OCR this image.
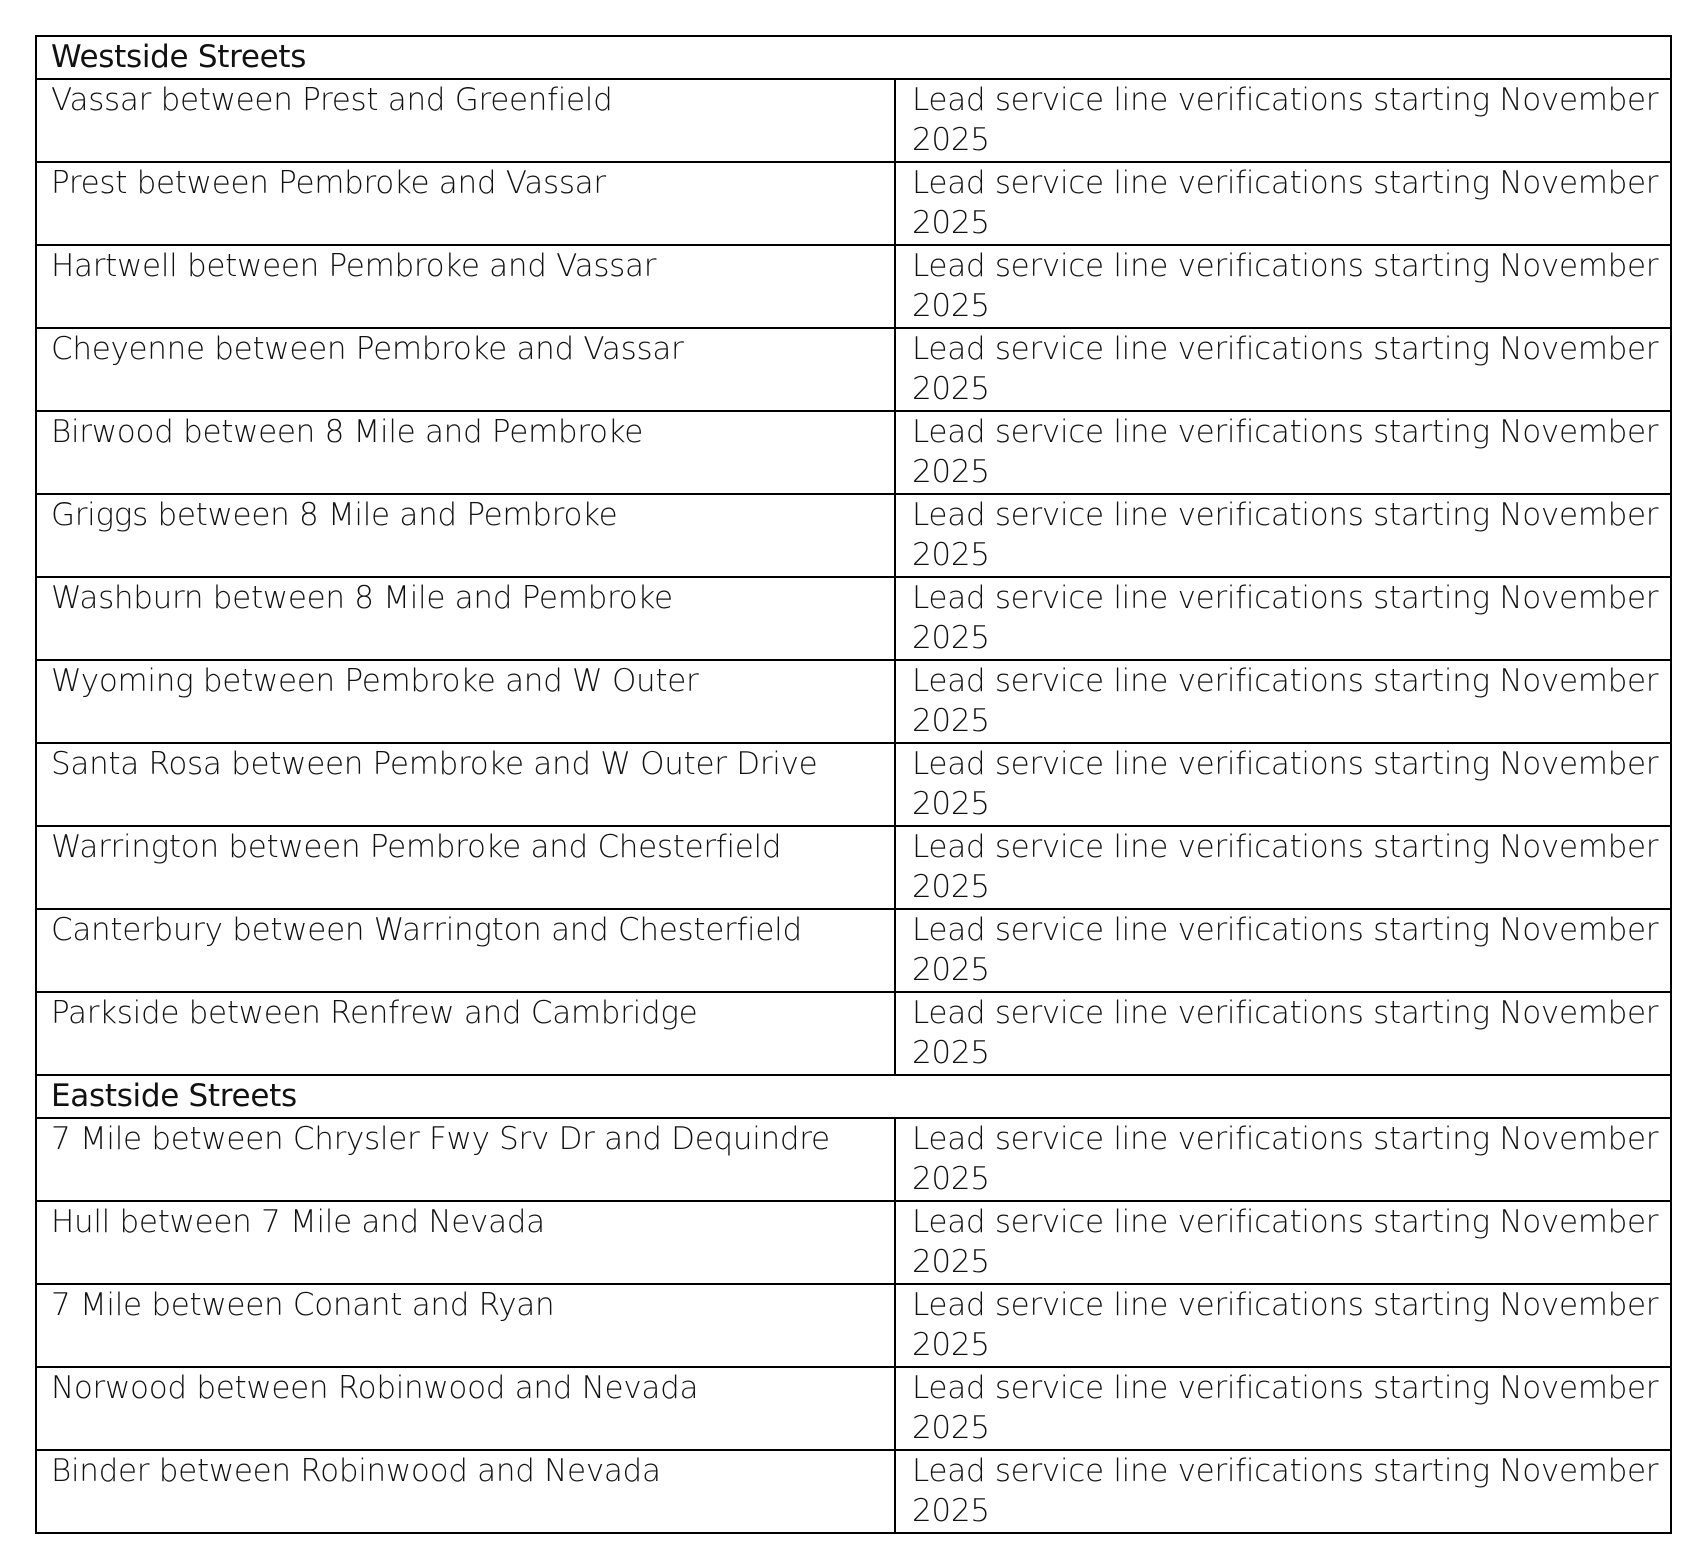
Westside Streets	
Vassar between Prest and Greenfield	Lead service line verifications starting November 2025
Prest between Pembroke and Vassar	Lead service line verifications starting November 2025
Hartwell between Pembroke and Vassar	Lead service line verifications starting November 2025
Cheyenne between Pembroke and Vassar	Lead service line verifications starting November 2025
Birwood between 8 Mile and Pembroke	Lead service line verifications starting November 2025
Griggs between 8 Mile and Pembroke	Lead service line verifications starting November 2025
Washburn between 8 Mile and Pembroke	Lead service line verifications starting November 2025
Wyoming between Pembroke and W Outer	Lead service line verifications starting November 2025
Santa Rosa between Pembroke and W Outer Drive	Lead service line verifications starting November 2025
Warrington between Pembroke and Chesterfield	Lead service line verifications starting November 2025
Canterbury between Warrington and Chesterfield	Lead service line verifications starting November 2025
Parkside between Renfrew and Cambridge	Lead service line verifications starting November 2025
Eastside Streets	
7 Mile between Chrysler Fwy Srv Dr and Dequindre	Lead service line verifications starting November 2025
Hull between 7 Mile and Nevada	Lead service line verifications starting November 2025
7 Mile between Conant and Ryan	Lead service line verifications starting November 2025
Norwood between Robinwood and Nevada	Lead service line verifications starting November 2025
Binder between Robinwood and Nevada	Lead service line verifications starting November 2025
